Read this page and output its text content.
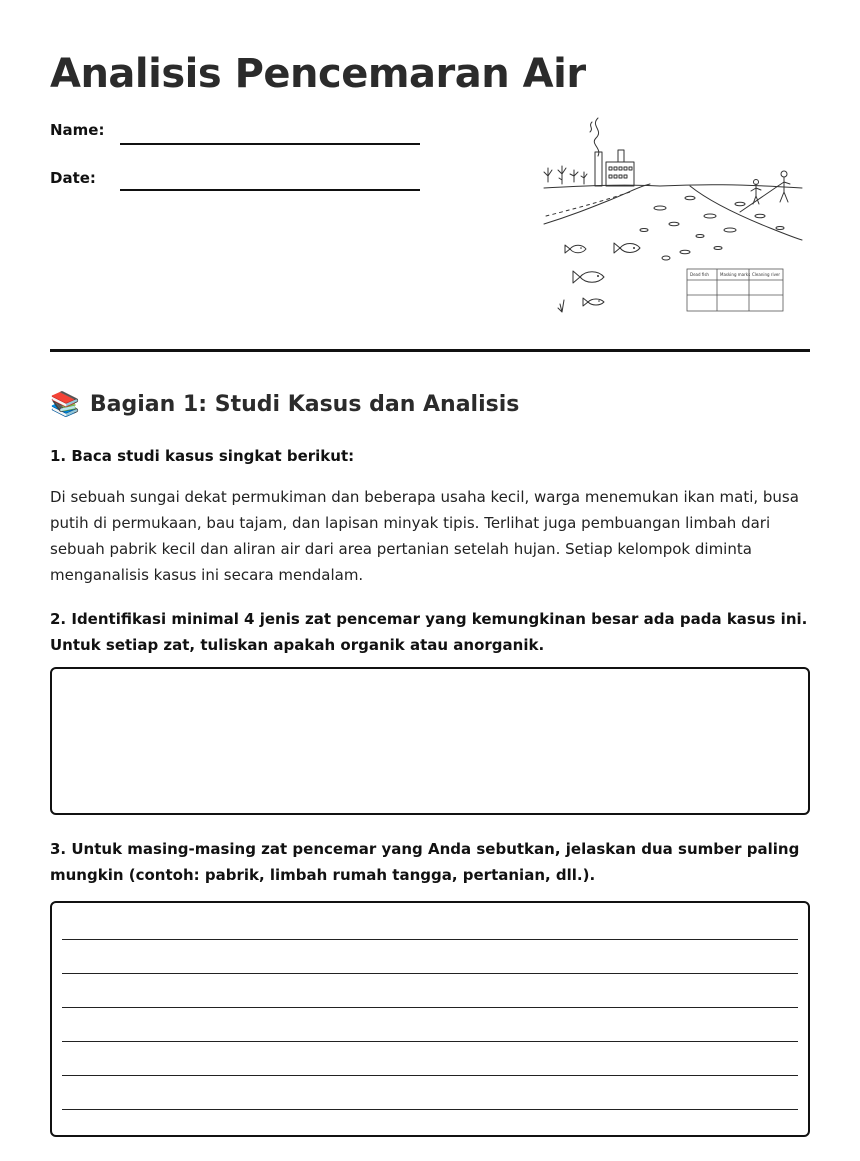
Analisis Pencemaran Air
Name:
Date:
Dead fish	Masking marks Cleaning river
📚 Bagian 1: Studi Kasus dan Analisis
1. Baca studi kasus singkat berikut:
Di sebuah sungai dekat permukiman dan beberapa usaha kecil, warga menemukan ikan mati, busa putih di permukaan, bau tajam, dan lapisan minyak tipis. Terlihat juga pembuangan limbah dari sebuah pabrik kecil dan aliran air dari area pertanian setelah hujan. Setiap kelompok diminta menganalisis kasus ini secara mendalam.
2. Identifikasi minimal 4 jenis zat pencemar yang kemungkinan besar ada pada kasus ini. Untuk setiap zat, tuliskan apakah organik atau anorganik.
3. Untuk masing-masing zat pencemar yang Anda sebutkan, jelaskan dua sumber paling mungkin (contoh: pabrik, limbah rumah tangga, pertanian, dll.).
